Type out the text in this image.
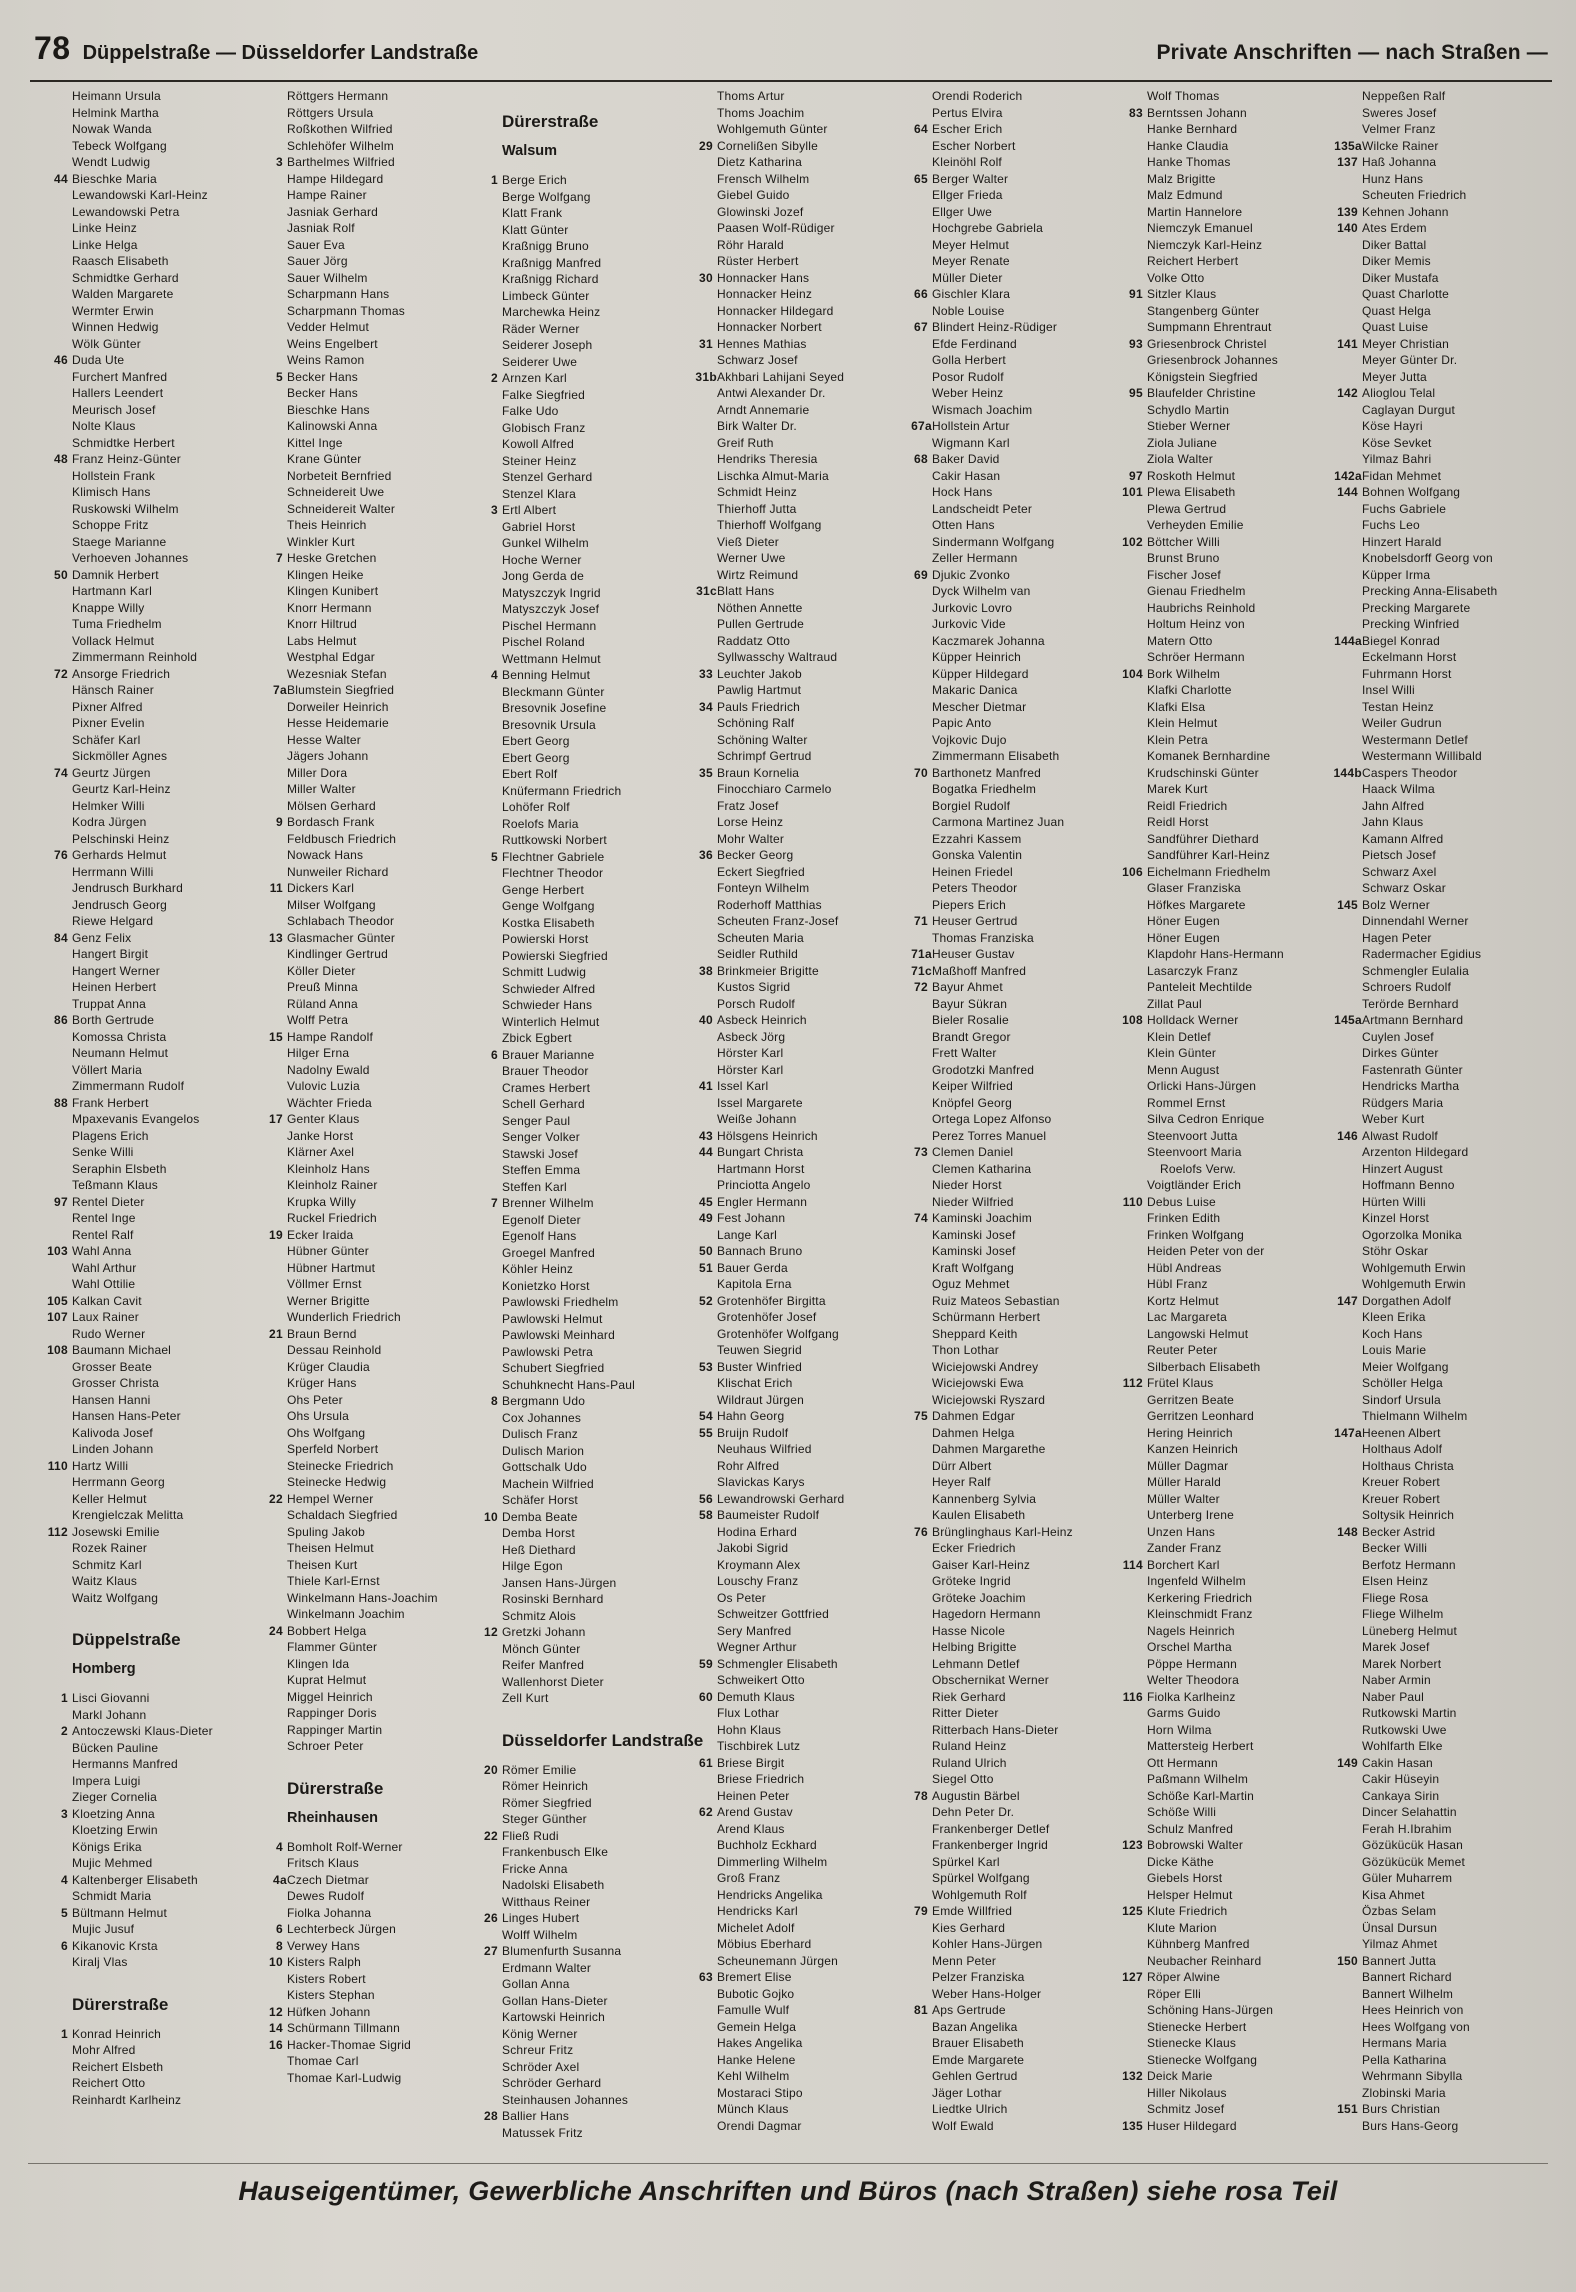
78 Düppelstraße — Düsseldorfer Landstraße	Private Anschriften — nach Straßen —
Heimann Ursula
Helmink Martha
Nowak Wanda
Tebeck Wolfgang
Wendt Ludwig
44 Bieschke Maria
Lewandowski Karl-Heinz
Lewandowski Petra
Linke Heinz
Linke Helga
Raasch Elisabeth
Schmidtke Gerhard
Walden Margarete
Wermter Erwin
Winnen Hedwig
Wölk Günter
46 Duda Ute
Furchert Manfred
Hallers Leendert
Meurisch Josef
Nolte Klaus
Schmidtke Herbert
48 Franz Heinz-Günter
Hollstein Frank
Klimisch Hans
Ruskowski Wilhelm
Schoppe Fritz
Staege Marianne
Verhoeven Johannes
50 Damnik Herbert
Hartmann Karl
Knappe Willy
Tuma Friedhelm
Vollack Helmut
Zimmermann Reinhold
72 Ansorge Friedrich
Hänsch Rainer
Pixner Alfred
Pixner Evelin
Schäfer Karl
Sickmöller Agnes
74 Geurtz Jürgen
Geurtz Karl-Heinz
Helmker Willi
Kodra Jürgen
Pelschinski Heinz
76 Gerhards Helmut
Herrmann Willi
Jendrusch Burkhard
Jendrusch Georg
Riewe Helgard
84 Genz Felix
Hangert Birgit
Hangert Werner
Heinen Herbert
Truppat Anna
86 Borth Gertrude
Komossa Christa
Neumann Helmut
Völlert Maria
Zimmermann Rudolf
88 Frank Herbert
Mpaxevanis Evangelos
Plagens Erich
Senke Willi
Seraphin Elsbeth
Teßmann Klaus
97 Rentel Dieter
Rentel Inge
Rentel Ralf
103 Wahl Anna
Wahl Arthur
Wahl Ottilie
105 Kalkan Cavit
107 Laux Rainer
Rudo Werner
108 Baumann Michael
Grosser Beate
Grosser Christa
Hansen Hanni
Hansen Hans-Peter
Kalivoda Josef
Linden Johann
110 Hartz Willi
Herrmann Georg
Keller Helmut
Krengielczak Melitta
112 Josewski Emilie
Rozek Rainer
Schmitz Karl
Waitz Klaus
Waitz Wolfgang
Düppelstraße
Homberg
1 Lisci Giovanni
Markl Johann
2 Antoczewski Klaus-Dieter
Bücken Pauline
Hermanns Manfred
Impera Luigi
Zieger Cornelia
3 Kloetzing Anna
Kloetzing Erwin
Königs Erika
Mujic Mehmed
4 Kaltenberger Elisabeth
Schmidt Maria
5 Bültmann Helmut
Mujic Jusuf
6 Kikanovic Krsta
Kiralj Vlas
Dürerstraße
1 Konrad Heinrich
Mohr Alfred
Reichert Elsbeth
Reichert Otto
Reinhardt Karlheinz
Röttgers Hermann
Röttgers Ursula
Roßkothen Wilfried
Schlehöfer Wilhelm
3 Barthelmes Wilfried
Hampe Hildegard
Hampe Rainer
Jasniak Gerhard
Jasniak Rolf
Sauer Eva
Sauer Jörg
Sauer Wilhelm
Scharpmann Hans
Scharpmann Thomas
Vedder Helmut
Weins Engelbert
Weins Ramon
5 Becker Hans
Becker Hans
Bieschke Hans
Kalinowski Anna
Kittel Inge
Krane Günter
Norbeteit Bernfried
Schneidereit Uwe
Schneidereit Walter
Theis Heinrich
Winkler Kurt
7 Heske Gretchen
Klingen Heike
Klingen Kunibert
Knorr Hermann
Knorr Hiltrud
Labs Helmut
Westphal Edgar
Wezesniak Stefan
7a Blumstein Siegfried
Dorweiler Heinrich
Hesse Heidemarie
Hesse Walter
Jägers Johann
Miller Dora
Miller Walter
Mölsen Gerhard
9 Bordasch Frank
Feldbusch Friedrich
Nowack Hans
Nunweiler Richard
11 Dickers Karl
Milser Wolfgang
Schlabach Theodor
13 Glasmacher Günter
Kindlinger Gertrud
Köller Dieter
Preuß Minna
Rüland Anna
Wolff Petra
15 Hampe Randolf
Hilger Erna
Nadolny Ewald
Vulovic Luzia
Wächter Frieda
17 Genter Klaus
Janke Horst
Klärner Axel
Kleinholz Hans
Kleinholz Rainer
Krupka Willy
Ruckel Friedrich
19 Ecker Iraida
Hübner Günter
Hübner Hartmut
Völlmer Ernst
Werner Brigitte
Wunderlich Friedrich
21 Braun Bernd
Dessau Reinhold
Krüger Claudia
Krüger Hans
Ohs Peter
Ohs Ursula
Ohs Wolfgang
Sperfeld Norbert
Steinecke Friedrich
Steinecke Hedwig
22 Hempel Werner
Schaldach Siegfried
Spuling Jakob
Theisen Helmut
Theisen Kurt
Thiele Karl-Ernst
Winkelmann Hans-Joachim
Winkelmann Joachim
24 Bobbert Helga
Flammer Günter
Klingen Ida
Kuprat Helmut
Miggel Heinrich
Rappinger Doris
Rappinger Martin
Schroer Peter
Dürerstraße
Rheinhausen
4 Bomholt Rolf-Werner
Fritsch Klaus
4a Czech Dietmar
Dewes Rudolf
Fiolka Johanna
6 Lechterbeck Jürgen
8 Verwey Hans
10 Kisters Ralph
Kisters Robert
Kisters Stephan
12 Hüfken Johann
14 Schürmann Tillmann
16 Hacker-Thomae Sigrid
Thomae Carl
Thomae Karl-Ludwig
Dürerstraße
Walsum
1 Berge Erich
Berge Wolfgang
Klatt Frank
Klatt Günter
Kraßnigg Bruno
Kraßnigg Manfred
Kraßnigg Richard
Limbeck Günter
Marchewka Heinz
Räder Werner
Seiderer Joseph
Seiderer Uwe
2 Arnzen Karl
Falke Siegfried
Falke Udo
Globisch Franz
Kowoll Alfred
Steiner Heinz
Stenzel Gerhard
Stenzel Klara
3 Ertl Albert
Gabriel Horst
Gunkel Wilhelm
Hoche Werner
Jong Gerda de
Matyszczyk Ingrid
Matyszczyk Josef
Pischel Hermann
Pischel Roland
Wettmann Helmut
4 Benning Helmut
Bleckmann Günter
Bresovnik Josefine
Bresovnik Ursula
Ebert Georg
Ebert Georg
Ebert Rolf
Knüfermann Friedrich
Lohöfer Rolf
Roelofs Maria
Ruttkowski Norbert
5 Flechtner Gabriele
Flechtner Theodor
Genge Herbert
Genge Wolfgang
Kostka Elisabeth
Powierski Horst
Powierski Siegfried
Schmitt Ludwig
Schwieder Alfred
Schwieder Hans
Winterlich Helmut
Zbick Egbert
6 Brauer Marianne
Brauer Theodor
Crames Herbert
Schell Gerhard
Senger Paul
Senger Volker
Stawski Josef
Steffen Emma
Steffen Karl
7 Brenner Wilhelm
Egenolf Dieter
Egenolf Hans
Groegel Manfred
Köhler Heinz
Konietzko Horst
Pawlowski Friedhelm
Pawlowski Helmut
Pawlowski Meinhard
Pawlowski Petra
Schubert Siegfried
Schuhknecht Hans-Paul
8 Bergmann Udo
Cox Johannes
Dulisch Franz
Dulisch Marion
Gottschalk Udo
Machein Wilfried
Schäfer Horst
10 Demba Beate
Demba Horst
Heß Diethard
Hilge Egon
Jansen Hans-Jürgen
Rosinski Bernhard
Schmitz Alois
12 Gretzki Johann
Mönch Günter
Reifer Manfred
Wallenhorst Dieter
Zell Kurt
Düsseldorfer Landstraße
20 Römer Emilie
Römer Heinrich
Römer Siegfried
Steger Günther
22 Fließ Rudi
Frankenbusch Elke
Fricke Anna
Nadolski Elisabeth
Witthaus Reiner
26 Linges Hubert
Wolff Wilhelm
27 Blumenfurth Susanna
Erdmann Walter
Gollan Anna
Gollan Hans-Dieter
Kartowski Heinrich
König Werner
Schreur Fritz
Schröder Axel
Schröder Gerhard
Steinhausen Johannes
28 Ballier Hans
Matussek Fritz
Thoms Artur
Thoms Joachim
Wohlgemuth Günter
29 Cornelißen Sibylle
Dietz Katharina
Frensch Wilhelm
Giebel Guido
Glowinski Jozef
Paasen Wolf-Rüdiger
Röhr Harald
Rüster Herbert
30 Honnacker Hans
Honnacker Heinz
Honnacker Hildegard
Honnacker Norbert
31 Hennes Mathias
Schwarz Josef
31b Akhbari Lahijani Seyed
Antwi Alexander Dr.
Arndt Annemarie
Birk Walter Dr.
Greif Ruth
Hendriks Theresia
Lischka Almut-Maria
Schmidt Heinz
Thierhoff Jutta
Thierhoff Wolfgang
Vieß Dieter
Werner Uwe
Wirtz Reimund
31c Blatt Hans
Nöthen Annette
Pullen Gertrude
Raddatz Otto
Syllwasschy Waltraud
33 Leuchter Jakob
Pawlig Hartmut
34 Pauls Friedrich
Schöning Ralf
Schöning Walter
Schrimpf Gertrud
35 Braun Kornelia
Finocchiaro Carmelo
Fratz Josef
Lorse Heinz
Mohr Walter
36 Becker Georg
Eckert Siegfried
Fonteyn Wilhelm
Roderhoff Matthias
Scheuten Franz-Josef
Scheuten Maria
Seidler Ruthild
38 Brinkmeier Brigitte
Kustos Sigrid
Porsch Rudolf
40 Asbeck Heinrich
Asbeck Jörg
Hörster Karl
Hörster Karl
41 Issel Karl
Issel Margarete
Weiße Johann
43 Hölsgens Heinrich
44 Bungart Christa
Hartmann Horst
Princiotta Angelo
45 Engler Hermann
49 Fest Johann
Lange Karl
50 Bannach Bruno
51 Bauer Gerda
Kapitola Erna
52 Grotenhöfer Birgitta
Grotenhöfer Josef
Grotenhöfer Wolfgang
Teuwen Siegrid
53 Buster Winfried
Klischat Erich
Wildraut Jürgen
54 Hahn Georg
55 Bruijn Rudolf
Neuhaus Wilfried
Rohr Alfred
Slavickas Karys
56 Lewandrowski Gerhard
58 Baumeister Rudolf
Hodina Erhard
Jakobi Sigrid
Kroymann Alex
Louschy Franz
Os Peter
Schweitzer Gottfried
Sery Manfred
Wegner Arthur
59 Schmengler Elisabeth
Schweikert Otto
60 Demuth Klaus
Flux Lothar
Hohn Klaus
Tischbirek Lutz
61 Briese Birgit
Briese Friedrich
Heinen Peter
62 Arend Gustav
Arend Klaus
Buchholz Eckhard
Dimmerling Wilhelm
Groß Franz
Hendricks Angelika
Hendricks Karl
Michelet Adolf
Möbius Eberhard
Scheunemann Jürgen
63 Bremert Elise
Bubotic Gojko
Famulle Wulf
Gemein Helga
Hakes Angelika
Hanke Helene
Kehl Wilhelm
Mostaraci Stipo
Münch Klaus
Orendi Dagmar
Orendi Roderich
Pertus Elvira
64 Escher Erich
Escher Norbert
Kleinöhl Rolf
65 Berger Walter
Ellger Frieda
Ellger Uwe
Hochgrebe Gabriela
Meyer Helmut
Meyer Renate
Müller Dieter
66 Gischler Klara
Noble Louise
67 Blindert Heinz-Rüdiger
Efde Ferdinand
Golla Herbert
Posor Rudolf
Weber Heinz
Wismach Joachim
67a Hollstein Artur
Wigmann Karl
68 Baker David
Cakir Hasan
Hock Hans
Landscheidt Peter
Otten Hans
Sindermann Wolfgang
Zeller Hermann
69 Djukic Zvonko
Dyck Wilhelm van
Jurkovic Lovro
Jurkovic Vide
Kaczmarek Johanna
Küpper Heinrich
Küpper Hildegard
Makaric Danica
Mescher Dietmar
Papic Anto
Vojkovic Dujo
Zimmermann Elisabeth
70 Barthonetz Manfred
Bogatka Friedhelm
Borgiel Rudolf
Carmona Martinez Juan
Ezzahri Kassem
Gonska Valentin
Heinen Friedel
Peters Theodor
Piepers Erich
71 Heuser Gertrud
Thomas Franziska
71a Heuser Gustav
71c Maßhoff Manfred
72 Bayur Ahmet
Bayur Sükran
Bieler Rosalie
Brandt Gregor
Frett Walter
Grodotzki Manfred
Keiper Wilfried
Knöpfel Georg
Ortega Lopez Alfonso
Perez Torres Manuel
73 Clemen Daniel
Clemen Katharina
Nieder Horst
Nieder Wilfried
74 Kaminski Joachim
Kaminski Josef
Kaminski Josef
Kraft Wolfgang
Oguz Mehmet
Ruiz Mateos Sebastian
Schürmann Herbert
Sheppard Keith
Thon Lothar
Wiciejowski Andrey
Wiciejowski Ewa
Wiciejowski Ryszard
75 Dahmen Edgar
Dahmen Helga
Dahmen Margarethe
Dürr Albert
Heyer Ralf
Kannenberg Sylvia
Kaulen Elisabeth
76 Brünglinghaus Karl-Heinz
Ecker Friedrich
Gaiser Karl-Heinz
Gröteke Ingrid
Gröteke Joachim
Hagedorn Hermann
Hasse Nicole
Helbing Brigitte
Lehmann Detlef
Obschernikat Werner
Riek Gerhard
Ritter Dieter
Ritterbach Hans-Dieter
Ruland Heinz
Ruland Ulrich
Siegel Otto
78 Augustin Bärbel
Dehn Peter Dr.
Frankenberger Detlef
Frankenberger Ingrid
Spürkel Karl
Spürkel Wolfgang
Wohlgemuth Rolf
79 Emde Willfried
Kies Gerhard
Kohler Hans-Jürgen
Menn Peter
Pelzer Franziska
Weber Hans-Holger
81 Aps Gertrude
Bazan Angelika
Brauer Elisabeth
Emde Margarete
Gehlen Gertrud
Jäger Lothar
Liedtke Ulrich
Wolf Ewald
Wolf Thomas
83 Berntssen Johann
Hanke Bernhard
Hanke Claudia
Hanke Thomas
Malz Brigitte
Malz Edmund
Martin Hannelore
Niemczyk Emanuel
Niemczyk Karl-Heinz
Reichert Herbert
Volke Otto
91 Sitzler Klaus
Stangenberg Günter
Sumpmann Ehrentraut
93 Griesenbrock Christel
Griesenbrock Johannes
Königstein Siegfried
95 Blaufelder Christine
Schydlo Martin
Stieber Werner
Ziola Juliane
Ziola Walter
97 Roskoth Helmut
101 Plewa Elisabeth
Plewa Gertrud
Verheyden Emilie
102 Böttcher Willi
Brunst Bruno
Fischer Josef
Gienau Friedhelm
Haubrichs Reinhold
Holtum Heinz von
Matern Otto
Schröer Hermann
104 Bork Wilhelm
Klafki Charlotte
Klafki Elsa
Klein Helmut
Klein Petra
Komanek Bernhardine
Krudschinski Günter
Marek Kurt
Reidl Friedrich
Reidl Horst
Sandführer Diethard
Sandführer Karl-Heinz
106 Eichelmann Friedhelm
Glaser Franziska
Höfkes Margarete
Höner Eugen
Höner Eugen
Klapdohr Hans-Hermann
Lasarczyk Franz
Panteleit Mechtilde
Zillat Paul
108 Holldack Werner
Klein Detlef
Klein Günter
Menn August
Orlicki Hans-Jürgen
Rommel Ernst
Silva Cedron Enrique
Steenvoort Jutta
Steenvoort Maria
Roelofs Verw.
Voigtländer Erich
110 Debus Luise
Frinken Edith
Frinken Wolfgang
Heiden Peter von der
Hübl Andreas
Hübl Franz
Kortz Helmut
Lac Margareta
Langowski Helmut
Reuter Peter
Silberbach Elisabeth
112 Frütel Klaus
Gerritzen Beate
Gerritzen Leonhard
Hering Heinrich
Kanzen Heinrich
Müller Dagmar
Müller Harald
Müller Walter
Unterberg Irene
Unzen Hans
Zander Franz
114 Borchert Karl
Ingenfeld Wilhelm
Kerkering Friedrich
Kleinschmidt Franz
Nagels Heinrich
Orschel Martha
Pöppe Hermann
Welter Theodora
116 Fiolka Karlheinz
Garms Guido
Horn Wilma
Mattersteig Herbert
Ott Hermann
Paßmann Wilhelm
Schöße Karl-Martin
Schöße Willi
Schulz Manfred
123 Bobrowski Walter
Dicke Käthe
Giebels Horst
Helsper Helmut
125 Klute Friedrich
Klute Marion
Kühnberg Manfred
Neubacher Reinhard
127 Röper Alwine
Röper Elli
Schöning Hans-Jürgen
Stienecke Herbert
Stienecke Klaus
Stienecke Wolfgang
132 Deick Marie
Hiller Nikolaus
Schmitz Josef
135 Huser Hildegard
Neppeßen Ralf
Sweres Josef
Velmer Franz
135a Wilcke Rainer
137 Haß Johanna
Hunz Hans
Scheuten Friedrich
139 Kehnen Johann
140 Ates Erdem
Diker Battal
Diker Memis
Diker Mustafa
Quast Charlotte
Quast Helga
Quast Luise
141 Meyer Christian
Meyer Günter Dr.
Meyer Jutta
142 Alioglou Telal
Caglayan Durgut
Köse Hayri
Köse Sevket
Yilmaz Bahri
142a Fidan Mehmet
144 Bohnen Wolfgang
Fuchs Gabriele
Fuchs Leo
Hinzert Harald
Knobelsdorff Georg von
Küpper Irma
Precking Anna-Elisabeth
Precking Margarete
Precking Winfried
144a Biegel Konrad
Eckelmann Horst
Fuhrmann Horst
Insel Willi
Testan Heinz
Weiler Gudrun
Westermann Detlef
Westermann Willibald
144b Caspers Theodor
Haack Wilma
Jahn Alfred
Jahn Klaus
Kamann Alfred
Pietsch Josef
Schwarz Axel
Schwarz Oskar
145 Bolz Werner
Dinnendahl Werner
Hagen Peter
Radermacher Egidius
Schmengler Eulalia
Schroers Rudolf
Terörde Bernhard
145a Artmann Bernhard
Cuylen Josef
Dirkes Günter
Fastenrath Günter
Hendricks Martha
Rüdgers Maria
Weber Kurt
146 Alwast Rudolf
Arzenton Hildegard
Hinzert August
Hoffmann Benno
Hürten Willi
Kinzel Horst
Ogorzolka Monika
Stöhr Oskar
Wohlgemuth Erwin
Wohlgemuth Erwin
147 Dorgathen Adolf
Kleen Erika
Koch Hans
Louis Marie
Meier Wolfgang
Schöller Helga
Sindorf Ursula
Thielmann Wilhelm
147a Heenen Albert
Holthaus Adolf
Holthaus Christa
Kreuer Robert
Kreuer Robert
Soltysik Heinrich
148 Becker Astrid
Becker Willi
Berfotz Hermann
Elsen Heinz
Fliege Rosa
Fliege Wilhelm
Lüneberg Helmut
Marek Josef
Marek Norbert
Naber Armin
Naber Paul
Rutkowski Martin
Rutkowski Uwe
Wohlfarth Elke
149 Cakin Hasan
Cakir Hüseyin
Cankaya Sirin
Dincer Selahattin
Ferah H.Ibrahim
Gözükücük Hasan
Gözükücük Memet
Güler Muharrem
Kisa Ahmet
Özbas Selam
Ünsal Dursun
Yilmaz Ahmet
150 Bannert Jutta
Bannert Richard
Bannert Wilhelm
Hees Heinrich von
Hees Wolfgang von
Hermans Maria
Pella Katharina
Wehrmann Sibylla
Zlobinski Maria
151 Burs Christian
Burs Hans-Georg
Hauseigentümer, Gewerbliche Anschriften und Büros (nach Straßen) siehe rosa Teil
